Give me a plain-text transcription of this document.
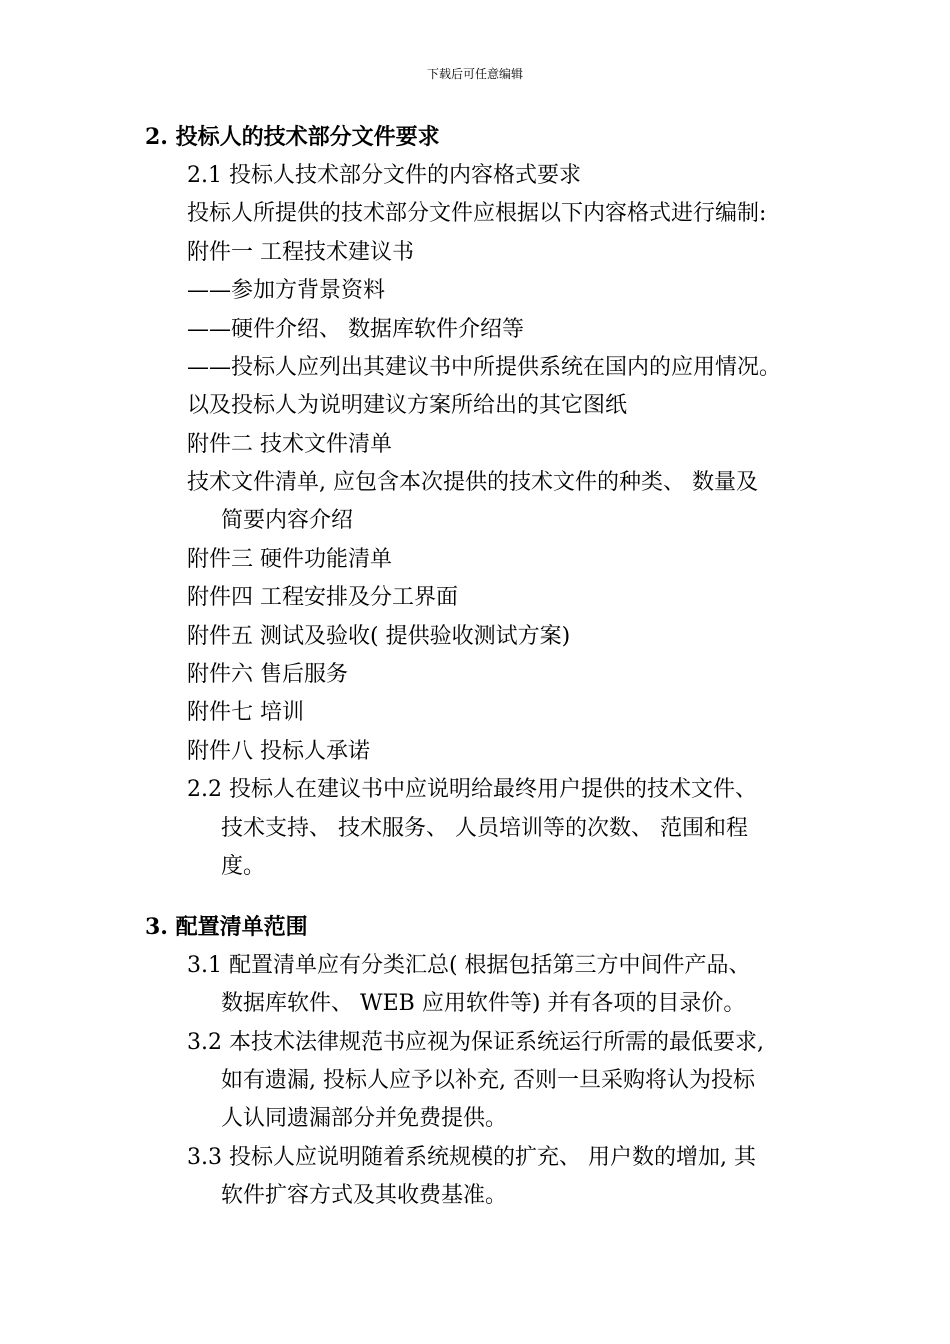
下载后可任意编辑
2. 投标人的技术部分文件要求
2.1 投标人技术部分文件的内容格式要求
投标人所提供的技术部分文件应根据以下内容格式进行编制:
附件一 工程技术建议书
——参加方背景资料
——硬件介绍、 数据库软件介绍等
——投标人应列出其建议书中所提供系统在国内的应用情况。
以及投标人为说明建议方案所给出的其它图纸
附件二 技术文件清单
技术文件清单, 应包含本次提供的技术文件的种类、 数量及
简要内容介绍
附件三 硬件功能清单
附件四 工程安排及分工界面
附件五 测试及验收( 提供验收测试方案)
附件六 售后服务
附件七 培训
附件八 投标人承诺
2.2 投标人在建议书中应说明给最终用户提供的技术文件、
技术支持、 技术服务、 人员培训等的次数、 范围和程
度。
3. 配置清单范围
3.1 配置清单应有分类汇总( 根据包括第三方中间件产品、
数据库软件、 WEB 应用软件等) 并有各项的目录价。
3.2 本技术法律规范书应视为保证系统运行所需的最低要求,
如有遗漏, 投标人应予以补充, 否则一旦采购将认为投标
人认同遗漏部分并免费提供。
3.3 投标人应说明随着系统规模的扩充、 用户数的增加, 其
软件扩容方式及其收费基准。
